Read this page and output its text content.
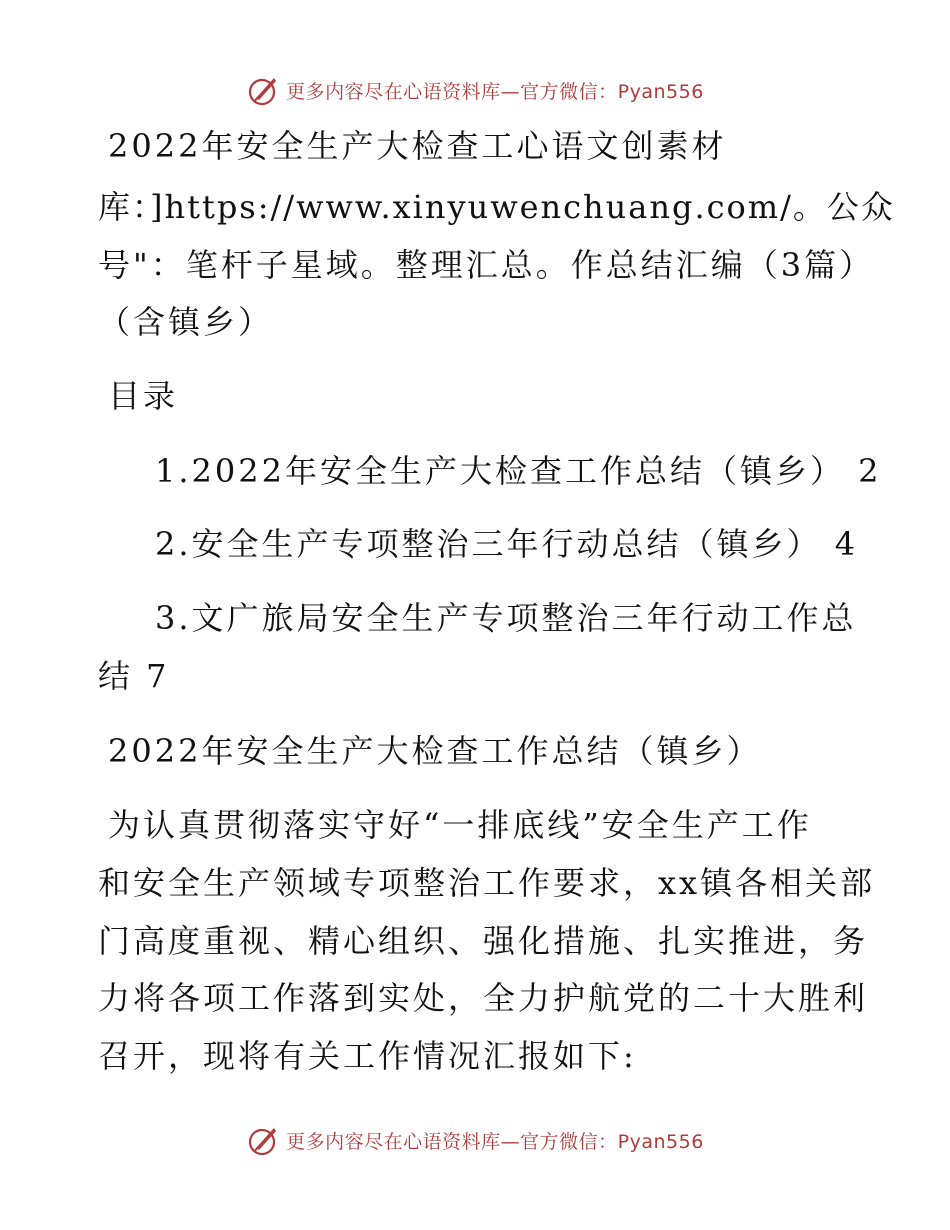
更多内容尽在心语资料库—官方微信：Pyan556
2022年安全生产大检查工心语文创素材
库：]https://www.xinyuwenchuang.com/。公众
号"：笔杆子星域。整理汇总。作总结汇编（3篇）
（含镇乡）
目录
1.2022年安全生产大检查工作总结（镇乡） 2
2.安全生产专项整治三年行动总结（镇乡） 4
3.文广旅局安全生产专项整治三年行动工作总
结 7
2022年安全生产大检查工作总结（镇乡）
为认真贯彻落实守好“一排底线”安全生产工作
和安全生产领域专项整治工作要求，xx镇各相关部
门高度重视、精心组织、强化措施、扎实推进，务
力将各项工作落到实处，全力护航党的二十大胜利
召开，现将有关工作情况汇报如下:
更多内容尽在心语资料库—官方微信：Pyan556
